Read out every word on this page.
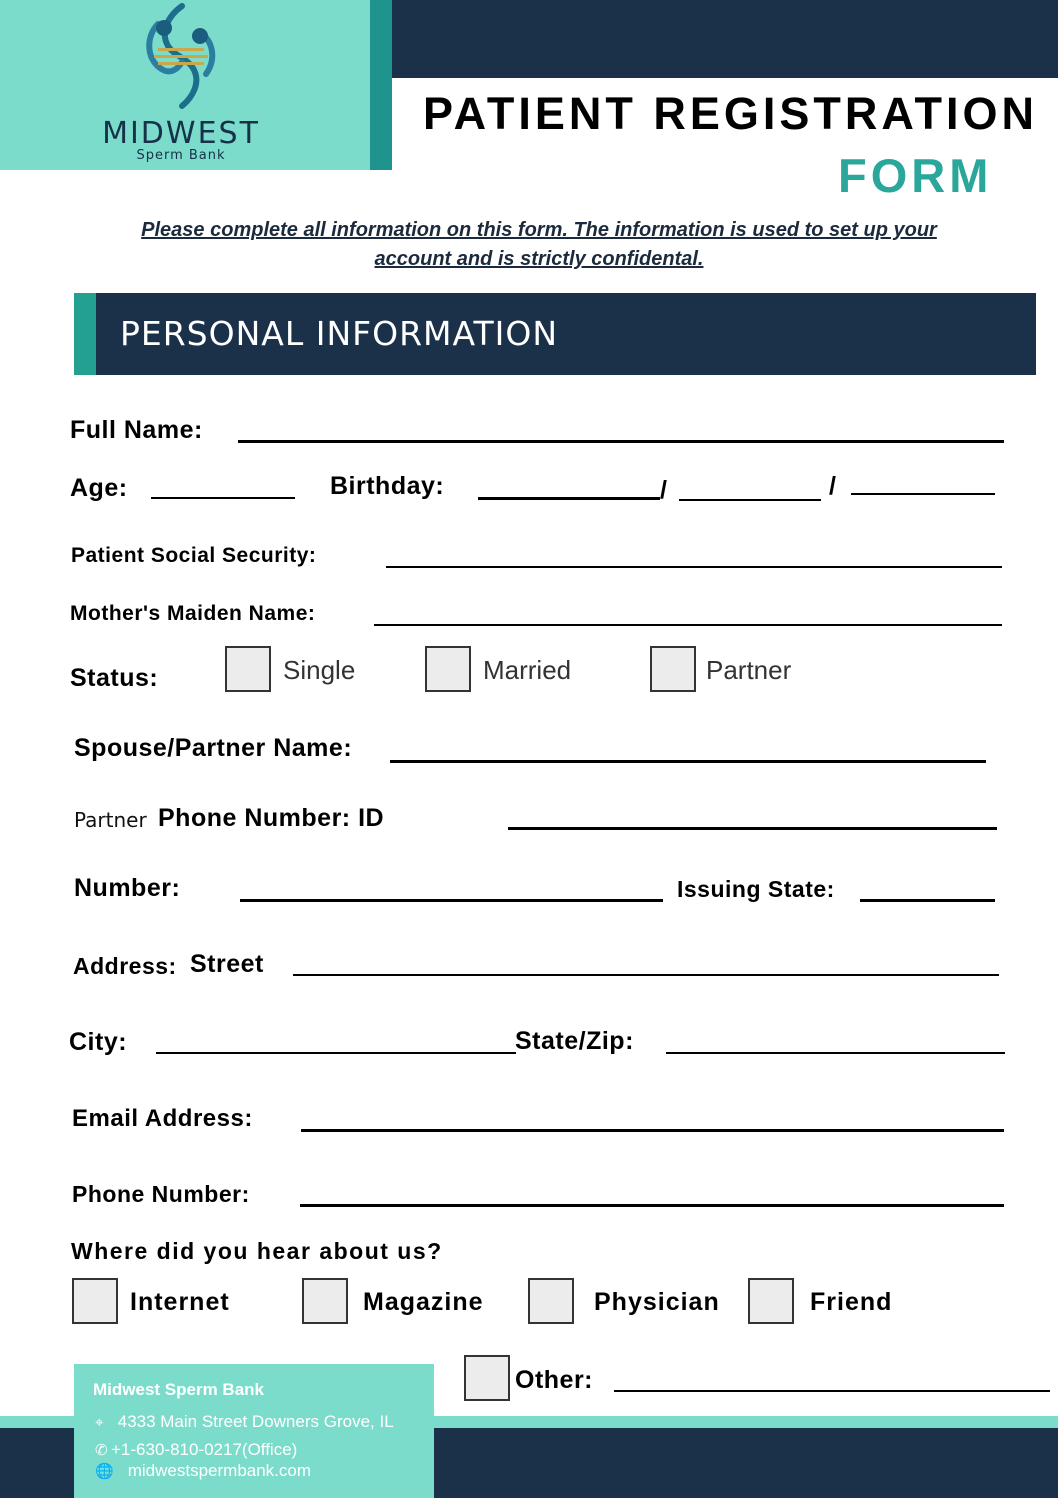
MIDWEST
Sperm Bank
PATIENT REGISTRATION
FORM
Please complete all information on this form. The information is used to set up your
account and is strictly confidental.
PERSONAL INFORMATION
Full Name:
Age:	Birthday:	/	/
Patient Social Security:
Mother's Maiden Name:
Status:	Single	Married	Partner
Spouse/Partner Name:
Partner Phone Number: ID
Number:	Issuing State:
Address: Street
City:	State/Zip:
Email Address:
Phone Number:
Where did you hear about us?
Internet	Magazine	Physician	Friend
Other:
Midwest Sperm Bank
⌖ 4333 Main Street Downers Grove, IL
✆ +1-630-810-0217(Office)
🌐 midwestspermbank.com
